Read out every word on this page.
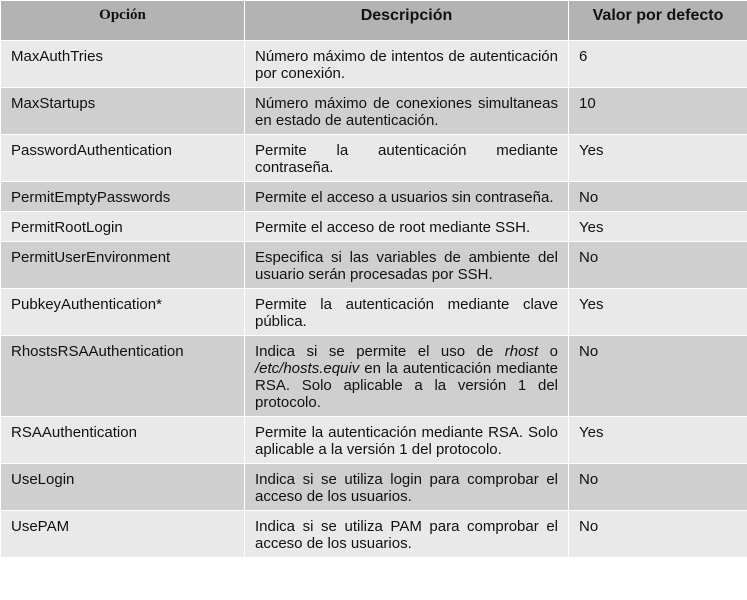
Opción	Descripción	Valor por defecto
MaxAuthTries	Número máximo de intentos de autenticación por conexión.	6
MaxStartups	Número máximo de conexiones simultaneas en estado de autenticación.	10
PasswordAuthentication	Permite la autenticación mediante contraseña.	Yes
PermitEmptyPasswords	Permite el acceso a usuarios sin contraseña.	No
PermitRootLogin	Permite el acceso de root mediante SSH.	Yes
PermitUserEnvironment	Especifica si las variables de ambiente del usuario serán procesadas por SSH.	No
PubkeyAuthentication*	Permite la autenticación mediante clave pública.	Yes
RhostsRSAAuthentication	Indica si se permite el uso de rhost o /etc/hosts.equiv en la autenticación mediante RSA. Solo aplicable a la versión 1 del protocolo.	No
RSAAuthentication	Permite la autenticación mediante RSA. Solo aplicable a la versión 1 del protocolo.	Yes
UseLogin	Indica si se utiliza login para comprobar el acceso de los usuarios.	No
UsePAM	Indica si se utiliza PAM para comprobar el acceso de los usuarios.	No
